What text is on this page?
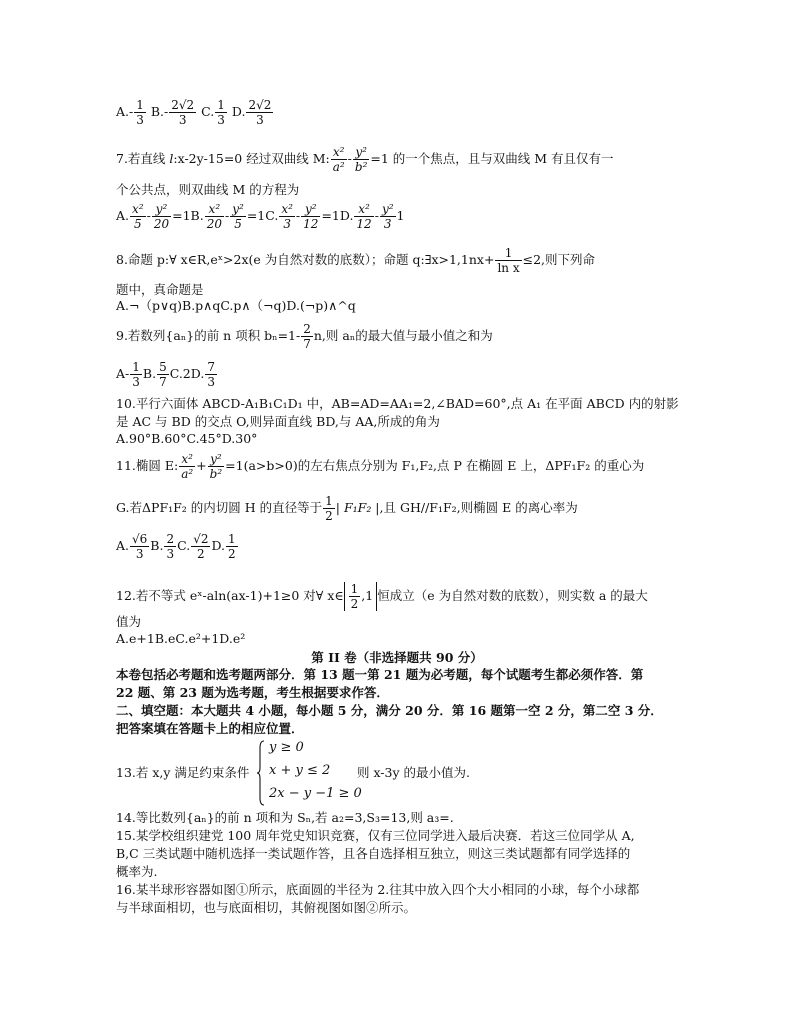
$A.- \frac{1}{3} B.- \frac{2√2}{3} C$. $\frac{1}{3} D$. $\frac{2√2}{3}$
7.若直线 l:x-2y-15=0 经过双曲线 M: $\frac{\text{x²}}{\text{a²}} - \frac{\text{y²}}{\text{b²}} =1$ 的一个焦点，且与双曲线 M 有且仅有一
个公共点，则双曲线 M 的方程为
A. $\frac{\text{x²}}{5} - \frac{\text{y²}}{20} =1B$. $\frac{\text{x²}}{20} - \frac{\text{y²}}{5} =1C$. $\frac{\text{x²}}{3} - \frac{\text{y²}}{12} =1D$. $\frac{\text{x²}}{12} - \frac{\text{y²}}{3} 1$
8.命题 p:∀ x∈R,eˣ>2x(e 为自然对数的底数）；命题 q:∃x>1,1nx+ $\frac{1}{\text{ln x}} \le 2$,则下列命
题中，真命题是
A.¬（p∨q)B.p∧qC.p∧（¬q)D.(¬p)∧^q
9.若数列{aₙ}的前 n 项积 $b_n=1- \frac{2}{7} n$,则 aₙ的最大值与最小值之和为
$A- \frac{1}{3} B$. $\frac{5}{7} C.2D$. $\frac{7}{3}$
10.平行六面体 ABCD-A₁B₁C₁D₁ 中，AB=AD=AA₁=2,∠BAD=60°,点 A₁ 在平面 ABCD 内的射影
是 AC 与 BD 的交点 O,则异面直线 BD,与 AA,所成的角为
A.90°B.60°C.45°D.30°
11.椭圆 E: $\frac{\text{x²}}{\text{a²}} + \frac{\text{y²}}{\text{b²}} =1(a>b>0)$的左右焦点分别为 F₁,F₂,点 P 在椭圆 E 上，ΔPF₁F₂ 的重心为
G.若ΔPF₁F₂ 的内切圆 H 的直径等于 $\frac{1}{2}$ | F₁F₂ |,且 GH//F₁F₂,则椭圆 E 的离心率为
A. $\frac{√6}{3} B$. $\frac{2}{3} C$. $\frac{√2}{2} D$. $\frac{1}{2}$
12.若不等式 eˣ-aln(ax-1)+1≥0 对∀ x∈ $\frac{1}{2} ,1$ 恒成立（e 为自然对数的底数），则实数 a 的最大
值为
A.e+1B.eC.e²+1D.e²
第 II 卷（非选择题共 90 分）
本卷包括必考题和选考题两部分．第 13 题一第 21 题为必考题，每个试题考生都必须作答．第
22 题、第 23 题为选考题，考生根据要求作答．
二、填空题：本大题共 4 小题，每小题 5 分，满分 20 分．第 16 题第一空 2 分，第二空 3 分．
把答案填在答题卡上的相应位置．
13.若 x,y 满足约束条件
y ≥ 0
x + y ≤ 2
2x − y −1 ≥ 0
则 x-3y 的最小值为.
14.等比数列{aₙ}的前 n 项和为 Sₙ,若 a₂=3,S₃=13,则 a₃=.
15.某学校组织建党 100 周年党史知识竞赛，仅有三位同学进入最后决赛．若这三位同学从 A,
B,C 三类试题中随机选择一类试题作答，且各自选择相互独立，则这三类试题都有同学选择的
概率为.
16.某半球形容器如图①所示，底面圆的半径为 2.往其中放入四个大小相同的小球，每个小球都
与半球面相切，也与底面相切，其俯视图如图②所示。
